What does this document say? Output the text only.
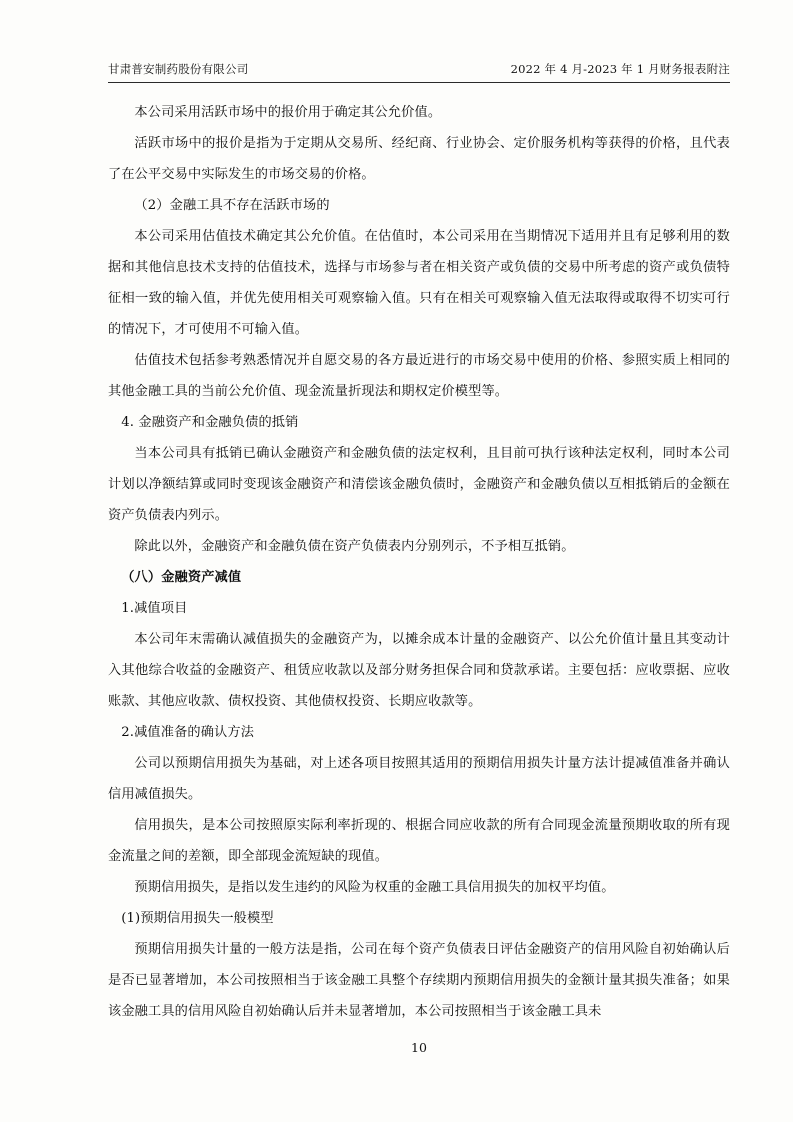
甘肃普安制药股份有限公司	2022 年 4 月-2023 年 1 月财务报表附注

本公司采用活跃市场中的报价用于确定其公允价值。

活跃市场中的报价是指为于定期从交易所、经纪商、行业协会、定价服务机构等获得的价格，且代表了在公平交易中实际发生的市场交易的价格。

（2）金融工具不存在活跃市场的

本公司采用估值技术确定其公允价值。在估值时，本公司采用在当期情况下适用并且有足够利用的数据和其他信息技术支持的估值技术，选择与市场参与者在相关资产或负债的交易中所考虑的资产或负债特征相一致的输入值，并优先使用相关可观察输入值。只有在相关可观察输入值无法取得或取得不切实可行的情况下，才可使用不可输入值。

估值技术包括参考熟悉情况并自愿交易的各方最近进行的市场交易中使用的价格、参照实质上相同的其他金融工具的当前公允价值、现金流量折现法和期权定价模型等。

4. 金融资产和金融负债的抵销

当本公司具有抵销已确认金融资产和金融负债的法定权利，且目前可执行该种法定权利，同时本公司计划以净额结算或同时变现该金融资产和清偿该金融负债时，金融资产和金融负债以互相抵销后的金额在资产负债表内列示。

除此以外，金融资产和金融负债在资产负债表内分别列示，不予相互抵销。

（八）金融资产减值

1.减值项目

本公司年末需确认减值损失的金融资产为，以摊余成本计量的金融资产、以公允价值计量且其变动计入其他综合收益的金融资产、租赁应收款以及部分财务担保合同和贷款承诺。主要包括：应收票据、应收账款、其他应收款、债权投资、其他债权投资、长期应收款等。

2.减值准备的确认方法

公司以预期信用损失为基础，对上述各项目按照其适用的预期信用损失计量方法计提减值准备并确认信用减值损失。

信用损失，是本公司按照原实际利率折现的、根据合同应收款的所有合同现金流量预期收取的所有现金流量之间的差额，即全部现金流短缺的现值。

预期信用损失，是指以发生违约的风险为权重的金融工具信用损失的加权平均值。

(1)预期信用损失一般模型

预期信用损失计量的一般方法是指，公司在每个资产负债表日评估金融资产的信用风险自初始确认后是否已显著增加，本公司按照相当于该金融工具整个存续期内预期信用损失的金额计量其损失准备；如果该金融工具的信用风险自初始确认后并未显著增加，本公司按照相当于该金融工具未

10
